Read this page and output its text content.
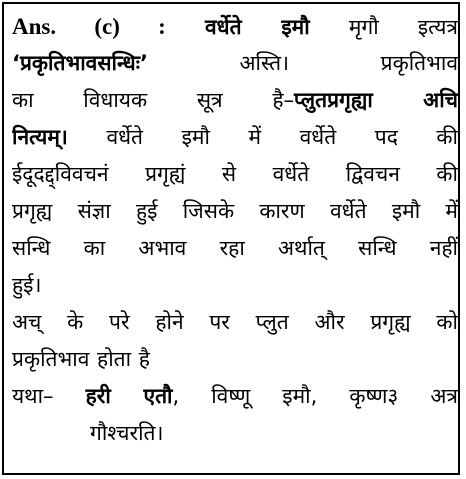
Ans. (c) : वर्धेते इमौ मृगौ इत्यत्र
‘प्रकृतिभावसन्धिः’ अस्ति। प्रकृतिभाव
का विधायक सूत्र है–प्लुतप्रगृह्या अचि
नित्यम्। वर्धेते इमौ में वर्धेते पद की
ईदूदद्द्विवचनं प्रगृह्यं से वर्धेते द्विवचन की
प्रगृह्य संज्ञा हुई जिसके कारण वर्धेते इमौ में
सन्धि का अभाव रहा अर्थात् सन्धि नहीं
हुई।
अच् के परे होने पर प्लुत और प्रगृह्य को
प्रकृतिभाव होता है
यथा– हरी एतौ, विष्णू इमौ, कृष्ण३ अत्र
गौश्चरति।
